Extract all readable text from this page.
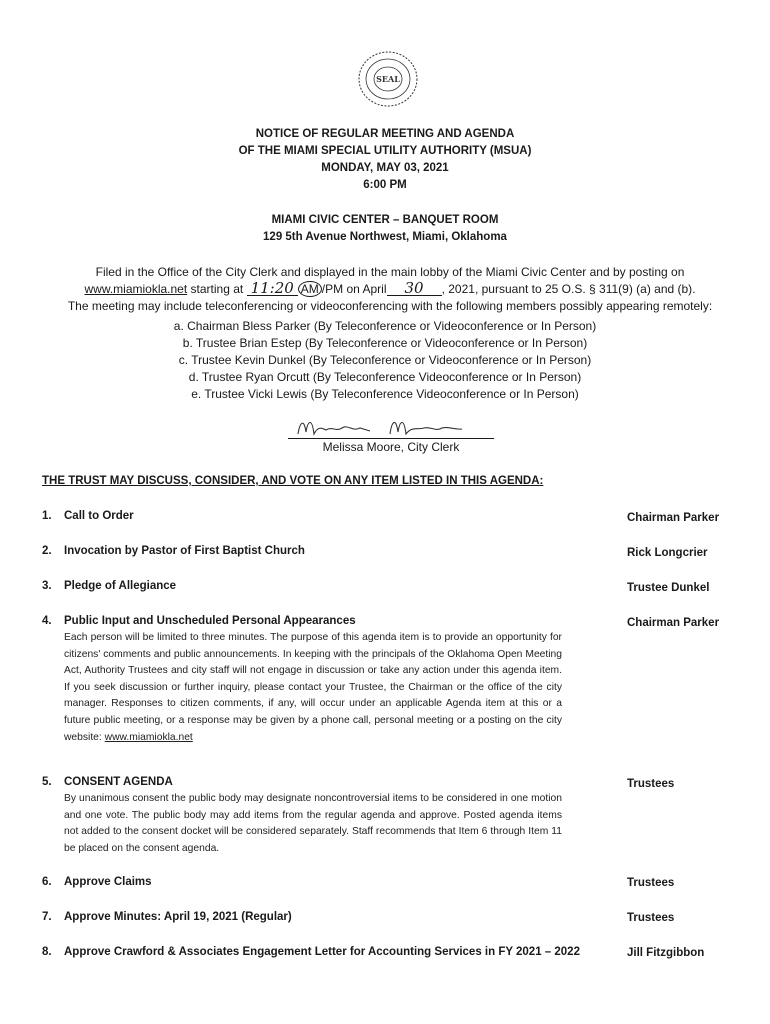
SEAL
NOTICE OF REGULAR MEETING AND AGENDA
OF THE MIAMI SPECIAL UTILITY AUTHORITY (MSUA)
MONDAY, MAY 03, 2021
6:00 PM
MIAMI CIVIC CENTER – BANQUET ROOM
129 5th Avenue Northwest, Miami, Oklahoma
Filed in the Office of the City Clerk and displayed in the main lobby of the Miami Civic Center and by posting on
www.miamiokla.net starting at 11:20 AM /PM on April 30 , 2021, pursuant to 25 O.S. § 311(9) (a) and (b).
The meeting may include teleconferencing or videoconferencing with the following members possibly appearing remotely:
a. Chairman Bless Parker (By Teleconference or Videoconference or In Person)
b. Trustee Brian Estep (By Teleconference or Videoconference or In Person)
c. Trustee Kevin Dunkel (By Teleconference or Videoconference or In Person)
d. Trustee Ryan Orcutt (By Teleconference Videoconference or In Person)
e. Trustee Vicki Lewis (By Teleconference Videoconference or In Person)
Melissa Moore, City Clerk
THE TRUST MAY DISCUSS, CONSIDER, AND VOTE ON ANY ITEM LISTED IN THIS AGENDA:
1. Call to Order	Chairman Parker
2. Invocation by Pastor of First Baptist Church	Rick Longcrier
3. Pledge of Allegiance	Trustee Dunkel
4. Public Input and Unscheduled Personal Appearances	Chairman Parker
Each person will be limited to three minutes. The purpose of this agenda item is to provide an opportunity for citizens' comments and public announcements. In keeping with the principals of the Oklahoma Open Meeting Act, Authority Trustees and city staff will not engage in discussion or take any action under this agenda item. If you seek discussion or further inquiry, please contact your Trustee, the Chairman or the office of the city manager. Responses to citizen comments, if any, will occur under an applicable Agenda item at this or a future public meeting, or a response may be given by a phone call, personal meeting or a posting on the city website: www.miamiokla.net
5. CONSENT AGENDA	Trustees
By unanimous consent the public body may designate noncontroversial items to be considered in one motion and one vote. The public body may add items from the regular agenda and approve. Posted agenda items not added to the consent docket will be considered separately. Staff recommends that Item 6 through Item 11 be placed on the consent agenda.
6. Approve Claims	Trustees
7. Approve Minutes: April 19, 2021 (Regular)	Trustees
8. Approve Crawford & Associates Engagement Letter for Accounting Services in FY 2021 – 2022	Jill Fitzgibbon
